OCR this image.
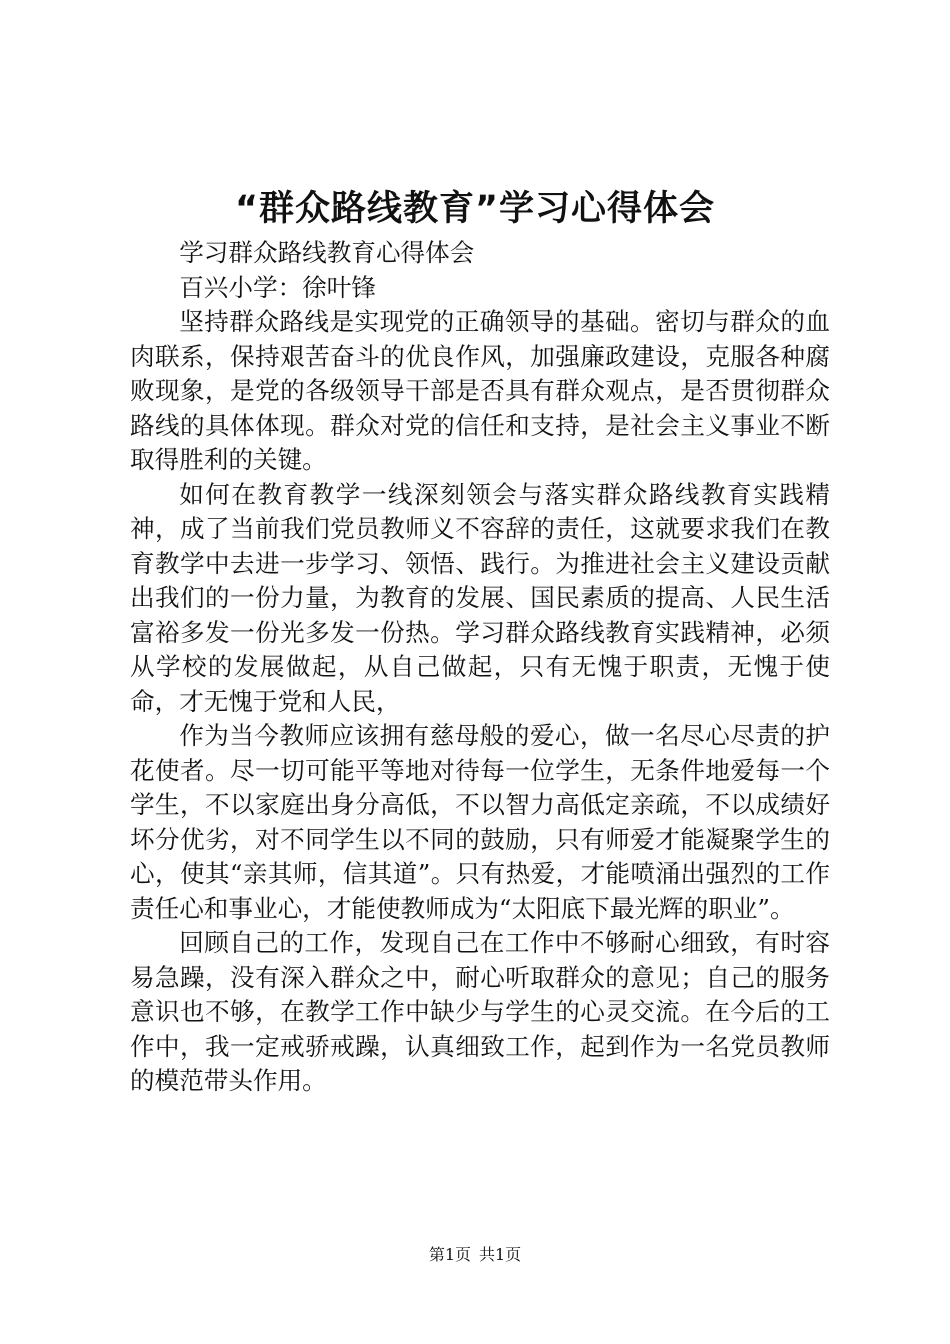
“群众路线教育”学习心得体会

学习群众路线教育心得体会

百兴小学：徐叶锋

坚持群众路线是实现党的正确领导的基础。密切与群众的血肉联系，保持艰苦奋斗的优良作风，加强廉政建设，克服各种腐败现象，是党的各级领导干部是否具有群众观点，是否贯彻群众路线的具体体现。群众对党的信任和支持，是社会主义事业不断取得胜利的关键。

如何在教育教学一线深刻领会与落实群众路线教育实践精神，成了当前我们党员教师义不容辞的责任，这就要求我们在教育教学中去进一步学习、领悟、践行。为推进社会主义建设贡献出我们的一份力量，为教育的发展、国民素质的提高、人民生活富裕多发一份光多发一份热。学习群众路线教育实践精神，必须从学校的发展做起，从自己做起，只有无愧于职责，无愧于使命，才无愧于党和人民，

作为当今教师应该拥有慈母般的爱心，做一名尽心尽责的护花使者。尽一切可能平等地对待每一位学生，无条件地爱每一个学生，不以家庭出身分高低，不以智力高低定亲疏，不以成绩好坏分优劣，对不同学生以不同的鼓励，只有师爱才能凝聚学生的心，使其“亲其师，信其道”。只有热爱，才能喷涌出强烈的工作责任心和事业心，才能使教师成为“太阳底下最光辉的职业”。

回顾自己的工作，发现自己在工作中不够耐心细致，有时容易急躁，没有深入群众之中，耐心听取群众的意见；自己的服务意识也不够，在教学工作中缺少与学生的心灵交流。在今后的工作中，我一定戒骄戒躁，认真细致工作，起到作为一名党员教师的模范带头作用。

第1页 共1页
